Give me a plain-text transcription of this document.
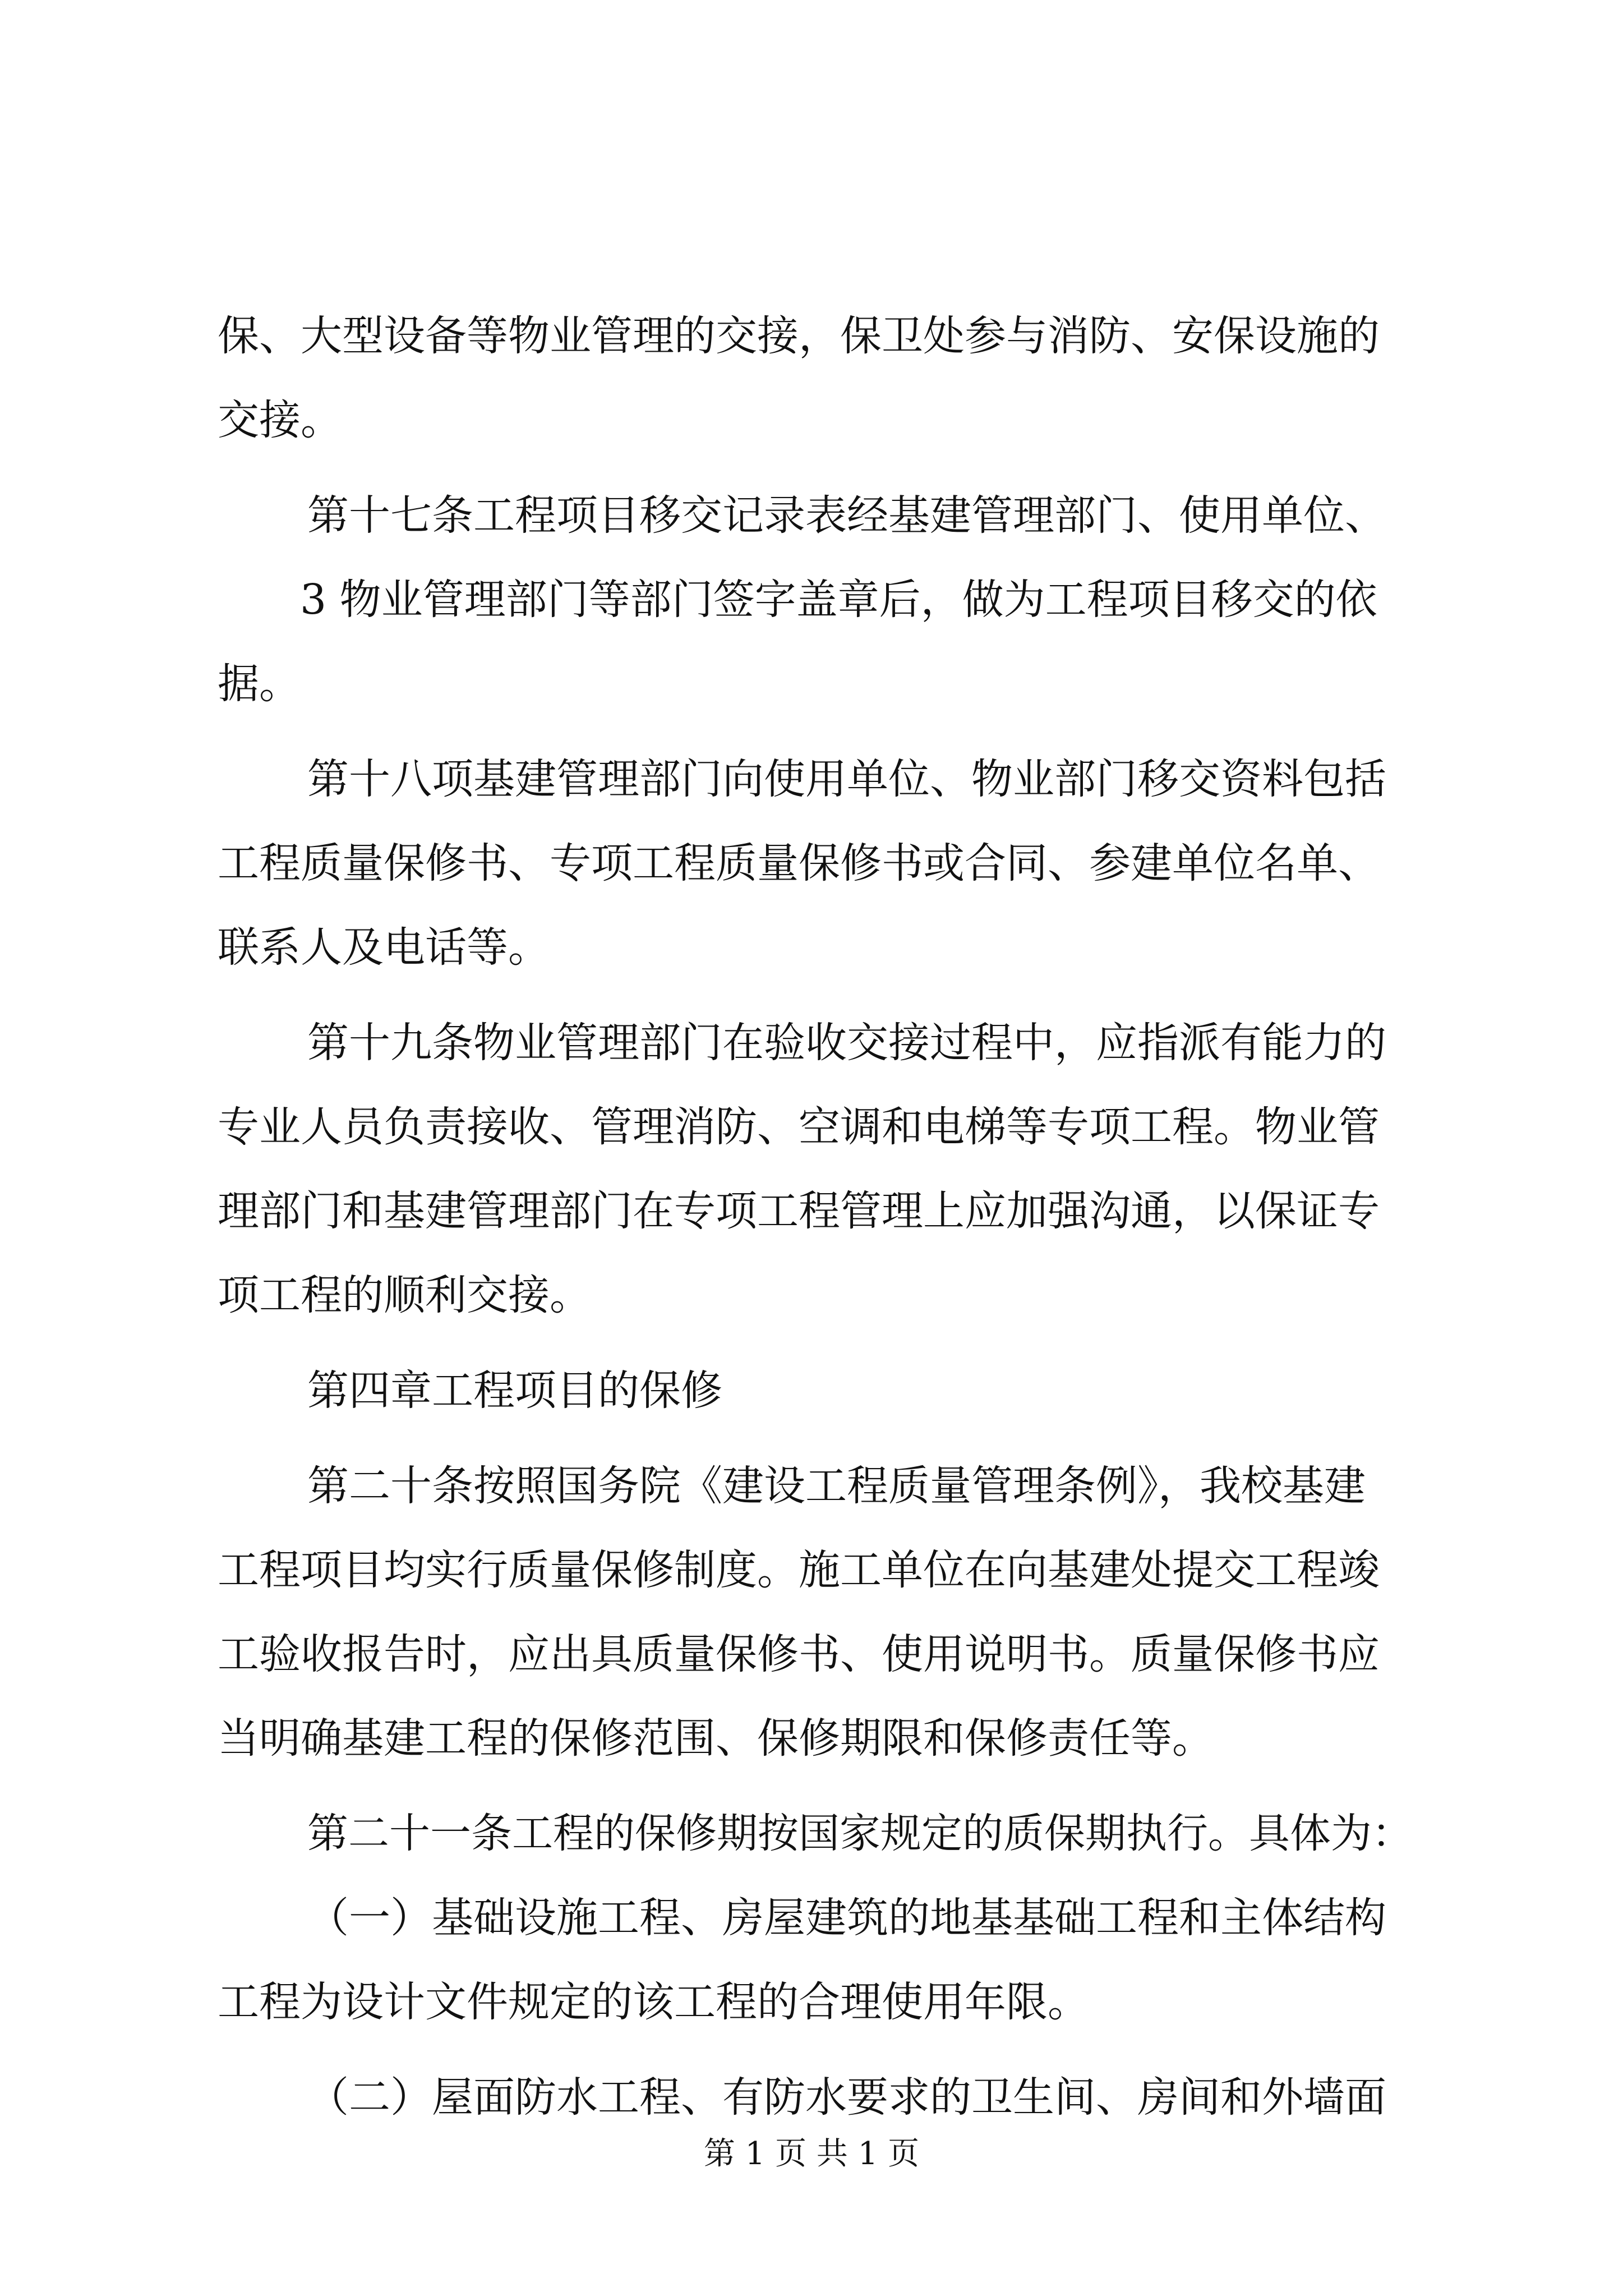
保、大型设备等物业管理的交接，保卫处参与消防、安保设施的
交接。
第十七条工程项目移交记录表经基建管理部门、使用单位、
3 物业管理部门等部门签字盖章后，做为工程项目移交的依
据。
第十八项基建管理部门向使用单位、物业部门移交资料包括
工程质量保修书、专项工程质量保修书或合同、参建单位名单、
联系人及电话等。
第十九条物业管理部门在验收交接过程中，应指派有能力的
专业人员负责接收、管理消防、空调和电梯等专项工程。物业管
理部门和基建管理部门在专项工程管理上应加强沟通，以保证专
项工程的顺利交接。
第四章工程项目的保修
第二十条按照国务院《建设工程质量管理条例》，我校基建
工程项目均实行质量保修制度。施工单位在向基建处提交工程竣
工验收报告时，应出具质量保修书、使用说明书。质量保修书应
当明确基建工程的保修范围、保修期限和保修责任等。
第二十一条工程的保修期按国家规定的质保期执行。具体为：
（一）基础设施工程、房屋建筑的地基基础工程和主体结构
工程为设计文件规定的该工程的合理使用年限。
（二）屋面防水工程、有防水要求的卫生间、房间和外墙面
第 1 页 共 1 页
